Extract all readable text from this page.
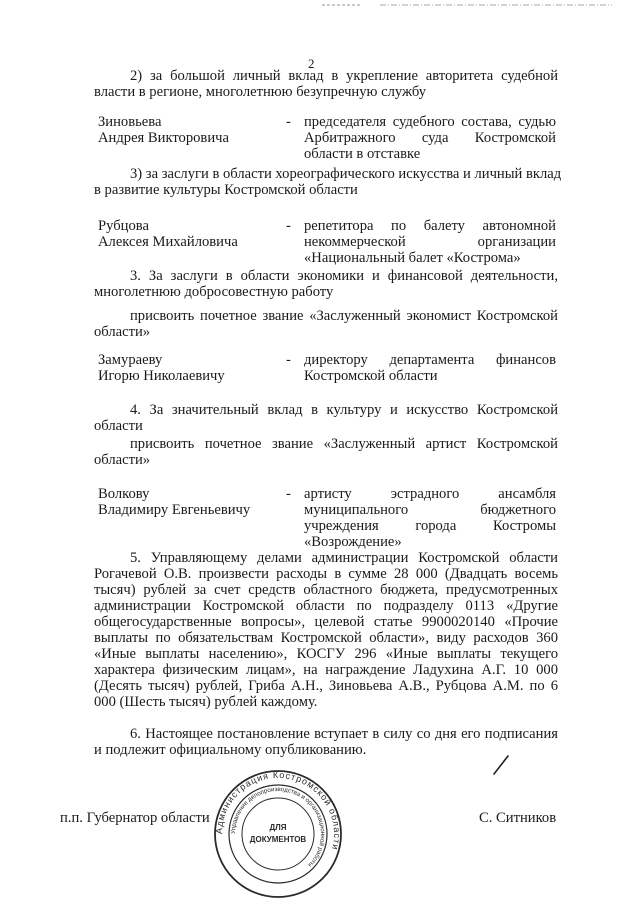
2
2) за большой личный вклад в укрепление авторитета судебной
власти в регионе, многолетнюю безупречную службу
Зиновьева
Андрея Викторовича
- председателя судебного состава, судью
Арбитражного суда Костромской
области в отставке
3) за заслуги в области хореографического искусства и личный вклад
в развитие культуры Костромской области
Рубцова
Алексея Михайловича
- репетитора по балету автономной
некоммерческой организации
«Национальный балет «Кострома»
3. За заслуги в области экономики и финансовой деятельности,
многолетнюю добросовестную работу
присвоить почетное звание «Заслуженный экономист Костромской
области»
Замураеву
Игорю Николаевичу
- директору департамента финансов
Костромской области
4. За значительный вклад в культуру и искусство Костромской
области
присвоить почетное звание «Заслуженный артист Костромской
области»
Волкову
Владимиру Евгеньевичу
- артисту эстрадного ансамбля
муниципального бюджетного
учреждения города Костромы
«Возрождение»

5. Управляющему делами администрации Костромской области Рогачевой О.В. произвести расходы в сумме 28 000 (Двадцать восемь тысяч) рублей за счет средств областного бюджета, предусмотренных администрации Костромской области по подразделу 0113 «Другие общегосударственные вопросы», целевой статье 9900020140 «Прочие выплаты по обязательствам Костромской области», виду расходов 360 «Иные выплаты населению», КОСГУ 296 «Иные выплаты текущего характера физическим лицам», на награждение Ладухина А.Г. 10 000 (Десять тысяч) рублей, Гриба А.Н., Зиновьева А.В., Рубцова А.М. по 6 000 (Шесть тысяч) рублей каждому.

6. Настоящее постановление вступает в силу со дня его подписания и подлежит официальному опубликованию.

п.п. Губернатор области	С. Ситников
Администрация Костромской области
Управление делопроизводства и организационной работы
ДЛЯ
ДОКУМЕНТОВ
